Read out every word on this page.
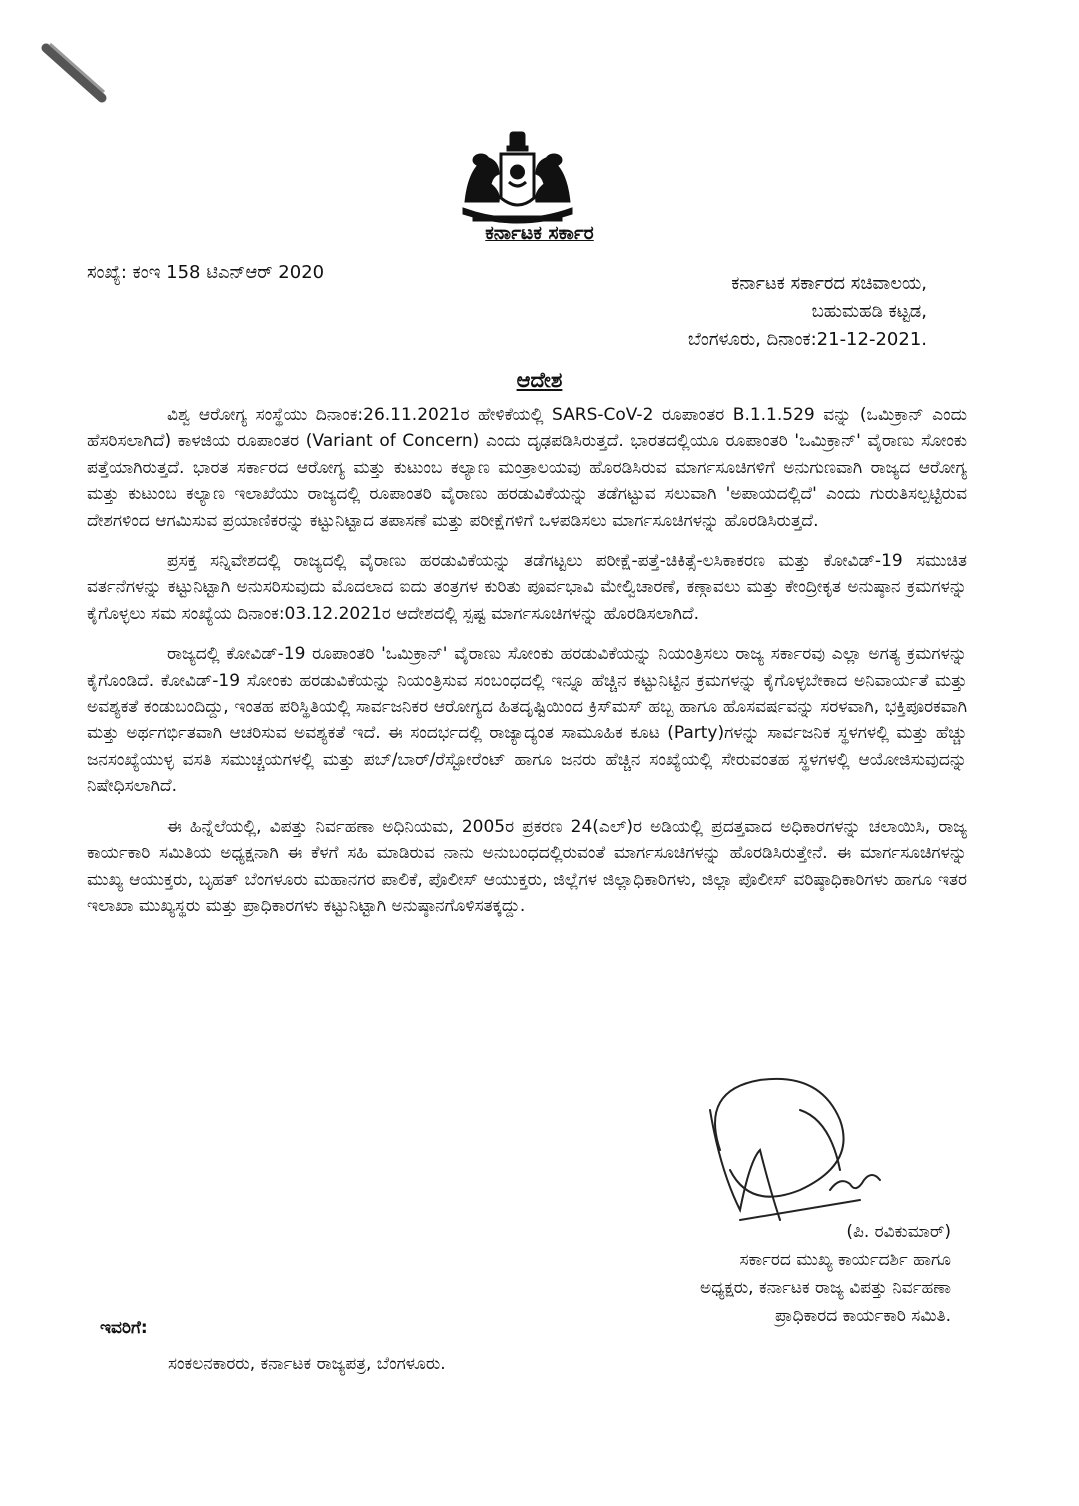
ಕರ್ನಾಟಕ ಸರ್ಕಾರ
ಸಂಖ್ಯೆ: ಕಂಇ 158 ಟಿಎನ್ಆರ್ 2020
ಕರ್ನಾಟಕ ಸರ್ಕಾರದ ಸಚಿವಾಲಯ,
ಬಹುಮಹಡಿ ಕಟ್ಟಡ,
ಬೆಂಗಳೂರು, ದಿನಾಂಕ:21-12-2021.
ಆದೇಶ

ವಿಶ್ವ ಆರೋಗ್ಯ ಸಂಸ್ಥೆಯು ದಿನಾಂಕ:26.11.2021ರ ಹೇಳಿಕೆಯಲ್ಲಿ SARS-CoV-2 ರೂಪಾಂತರ B.1.1.529 ವನ್ನು (ಒಮಿಕ್ರಾನ್ ಎಂದು ಹೆಸರಿಸಲಾಗಿದೆ) ಕಾಳಜಿಯ ರೂಪಾಂತರ (Variant of Concern) ಎಂದು ದೃಢಪಡಿಸಿರುತ್ತದೆ. ಭಾರತದಲ್ಲಿಯೂ ರೂಪಾಂತರಿ 'ಒಮಿಕ್ರಾನ್' ವೈರಾಣು ಸೋಂಕು ಪತ್ತೆಯಾಗಿರುತ್ತದೆ. ಭಾರತ ಸರ್ಕಾರದ ಆರೋಗ್ಯ ಮತ್ತು ಕುಟುಂಬ ಕಲ್ಯಾಣ ಮಂತ್ರಾಲಯವು ಹೊರಡಿಸಿರುವ ಮಾರ್ಗಸೂಚಿಗಳಿಗೆ ಅನುಗುಣವಾಗಿ ರಾಜ್ಯದ ಆರೋಗ್ಯ ಮತ್ತು ಕುಟುಂಬ ಕಲ್ಯಾಣ ಇಲಾಖೆಯು ರಾಜ್ಯದಲ್ಲಿ ರೂಪಾಂತರಿ ವೈರಾಣು ಹರಡುವಿಕೆಯನ್ನು ತಡೆಗಟ್ಟುವ ಸಲುವಾಗಿ 'ಅಪಾಯದಲ್ಲಿದೆ' ಎಂದು ಗುರುತಿಸಲ್ಪಟ್ಟಿರುವ ದೇಶಗಳಿಂದ ಆಗಮಿಸುವ ಪ್ರಯಾಣಿಕರನ್ನು ಕಟ್ಟುನಿಟ್ಟಾದ ತಪಾಸಣೆ ಮತ್ತು ಪರೀಕ್ಷೆಗಳಿಗೆ ಒಳಪಡಿಸಲು ಮಾರ್ಗಸೂಚಿಗಳನ್ನು ಹೊರಡಿಸಿರುತ್ತದೆ.

ಪ್ರಸಕ್ತ ಸನ್ನಿವೇಶದಲ್ಲಿ ರಾಜ್ಯದಲ್ಲಿ ವೈರಾಣು ಹರಡುವಿಕೆಯನ್ನು ತಡೆಗಟ್ಟಲು ಪರೀಕ್ಷೆ-ಪತ್ತೆ-ಚಿಕಿತ್ಸೆ-ಲಸಿಕಾಕರಣ ಮತ್ತು ಕೋವಿಡ್-19 ಸಮುಚಿತ ವರ್ತನೆಗಳನ್ನು ಕಟ್ಟುನಿಟ್ಟಾಗಿ ಅನುಸರಿಸುವುದು ಮೊದಲಾದ ಐದು ತಂತ್ರಗಳ ಕುರಿತು ಪೂರ್ವಭಾವಿ ಮೇಲ್ವಿಚಾರಣೆ, ಕಣ್ಗಾವಲು ಮತ್ತು ಕೇಂದ್ರೀಕೃತ ಅನುಷ್ಠಾನ ಕ್ರಮಗಳನ್ನು ಕೈಗೊಳ್ಳಲು ಸಮ ಸಂಖ್ಯೆಯ ದಿನಾಂಕ:03.12.2021ರ ಆದೇಶದಲ್ಲಿ ಸ್ಪಷ್ಟ ಮಾರ್ಗಸೂಚಿಗಳನ್ನು ಹೊರಡಿಸಲಾಗಿದೆ.

ರಾಜ್ಯದಲ್ಲಿ ಕೋವಿಡ್-19 ರೂಪಾಂತರಿ 'ಒಮಿಕ್ರಾನ್' ವೈರಾಣು ಸೋಂಕು ಹರಡುವಿಕೆಯನ್ನು ನಿಯಂತ್ರಿಸಲು ರಾಜ್ಯ ಸರ್ಕಾರವು ಎಲ್ಲಾ ಅಗತ್ಯ ಕ್ರಮಗಳನ್ನು ಕೈಗೊಂಡಿದೆ. ಕೋವಿಡ್-19 ಸೋಂಕು ಹರಡುವಿಕೆಯನ್ನು ನಿಯಂತ್ರಿಸುವ ಸಂಬಂಧದಲ್ಲಿ ಇನ್ನೂ ಹೆಚ್ಚಿನ ಕಟ್ಟುನಿಟ್ಟಿನ ಕ್ರಮಗಳನ್ನು ಕೈಗೊಳ್ಳಬೇಕಾದ ಅನಿವಾರ್ಯತೆ ಮತ್ತು ಅವಶ್ಯಕತೆ ಕಂಡುಬಂದಿದ್ದು, ಇಂತಹ ಪರಿಸ್ಥಿತಿಯಲ್ಲಿ ಸಾರ್ವಜನಿಕರ ಆರೋಗ್ಯದ ಹಿತದೃಷ್ಟಿಯಿಂದ ಕ್ರಿಸ್‌ಮಸ್ ಹಬ್ಬ ಹಾಗೂ ಹೊಸವರ್ಷವನ್ನು ಸರಳವಾಗಿ, ಭಕ್ತಿಪೂರಕವಾಗಿ ಮತ್ತು ಅರ್ಥಗರ್ಭಿತವಾಗಿ ಆಚರಿಸುವ ಅವಶ್ಯಕತೆ ಇದೆ. ಈ ಸಂದರ್ಭದಲ್ಲಿ ರಾಜ್ಯಾದ್ಯಂತ ಸಾಮೂಹಿಕ ಕೂಟ (Party)ಗಳನ್ನು ಸಾರ್ವಜನಿಕ ಸ್ಥಳಗಳಲ್ಲಿ ಮತ್ತು ಹೆಚ್ಚು ಜನಸಂಖ್ಯೆಯುಳ್ಳ ವಸತಿ ಸಮುಚ್ಚಯಗಳಲ್ಲಿ ಮತ್ತು ಪಬ್/ಬಾರ್/ರೆಸ್ಟೋರೆಂಟ್ ಹಾಗೂ ಜನರು ಹೆಚ್ಚಿನ ಸಂಖ್ಯೆಯಲ್ಲಿ ಸೇರುವಂತಹ ಸ್ಥಳಗಳಲ್ಲಿ ಆಯೋಜಿಸುವುದನ್ನು ನಿಷೇಧಿಸಲಾಗಿದೆ.

ಈ ಹಿನ್ನೆಲೆಯಲ್ಲಿ, ವಿಪತ್ತು ನಿರ್ವಹಣಾ ಅಧಿನಿಯಮ, 2005ರ ಪ್ರಕರಣ 24(ಎಲ್)ರ ಅಡಿಯಲ್ಲಿ ಪ್ರದತ್ತವಾದ ಅಧಿಕಾರಗಳನ್ನು ಚಲಾಯಿಸಿ, ರಾಜ್ಯ ಕಾರ್ಯಕಾರಿ ಸಮಿತಿಯ ಅಧ್ಯಕ್ಷನಾಗಿ ಈ ಕೆಳಗೆ ಸಹಿ ಮಾಡಿರುವ ನಾನು ಅನುಬಂಧದಲ್ಲಿರುವಂತೆ ಮಾರ್ಗಸೂಚಿಗಳನ್ನು ಹೊರಡಿಸಿರುತ್ತೇನೆ. ಈ ಮಾರ್ಗಸೂಚಿಗಳನ್ನು ಮುಖ್ಯ ಆಯುಕ್ತರು, ಬೃಹತ್ ಬೆಂಗಳೂರು ಮಹಾನಗರ ಪಾಲಿಕೆ, ಪೊಲೀಸ್ ಆಯುಕ್ತರು, ಜಿಲ್ಲೆಗಳ ಜಿಲ್ಲಾಧಿಕಾರಿಗಳು, ಜಿಲ್ಲಾ ಪೊಲೀಸ್ ವರಿಷ್ಠಾಧಿಕಾರಿಗಳು ಹಾಗೂ ಇತರ ಇಲಾಖಾ ಮುಖ್ಯಸ್ಥರು ಮತ್ತು ಪ್ರಾಧಿಕಾರಗಳು ಕಟ್ಟುನಿಟ್ಟಾಗಿ ಅನುಷ್ಠಾನಗೊಳಿಸತಕ್ಕದ್ದು.

(ಪಿ. ರವಿಕುಮಾರ್)
ಸರ್ಕಾರದ ಮುಖ್ಯ ಕಾರ್ಯದರ್ಶಿ ಹಾಗೂ
ಅಧ್ಯಕ್ಷರು, ಕರ್ನಾಟಕ ರಾಜ್ಯ ವಿಪತ್ತು ನಿರ್ವಹಣಾ
ಪ್ರಾಧಿಕಾರದ ಕಾರ್ಯಕಾರಿ ಸಮಿತಿ.
ಇವರಿಗೆ:
ಸಂಕಲನಕಾರರು, ಕರ್ನಾಟಕ ರಾಜ್ಯಪತ್ರ, ಬೆಂಗಳೂರು.
